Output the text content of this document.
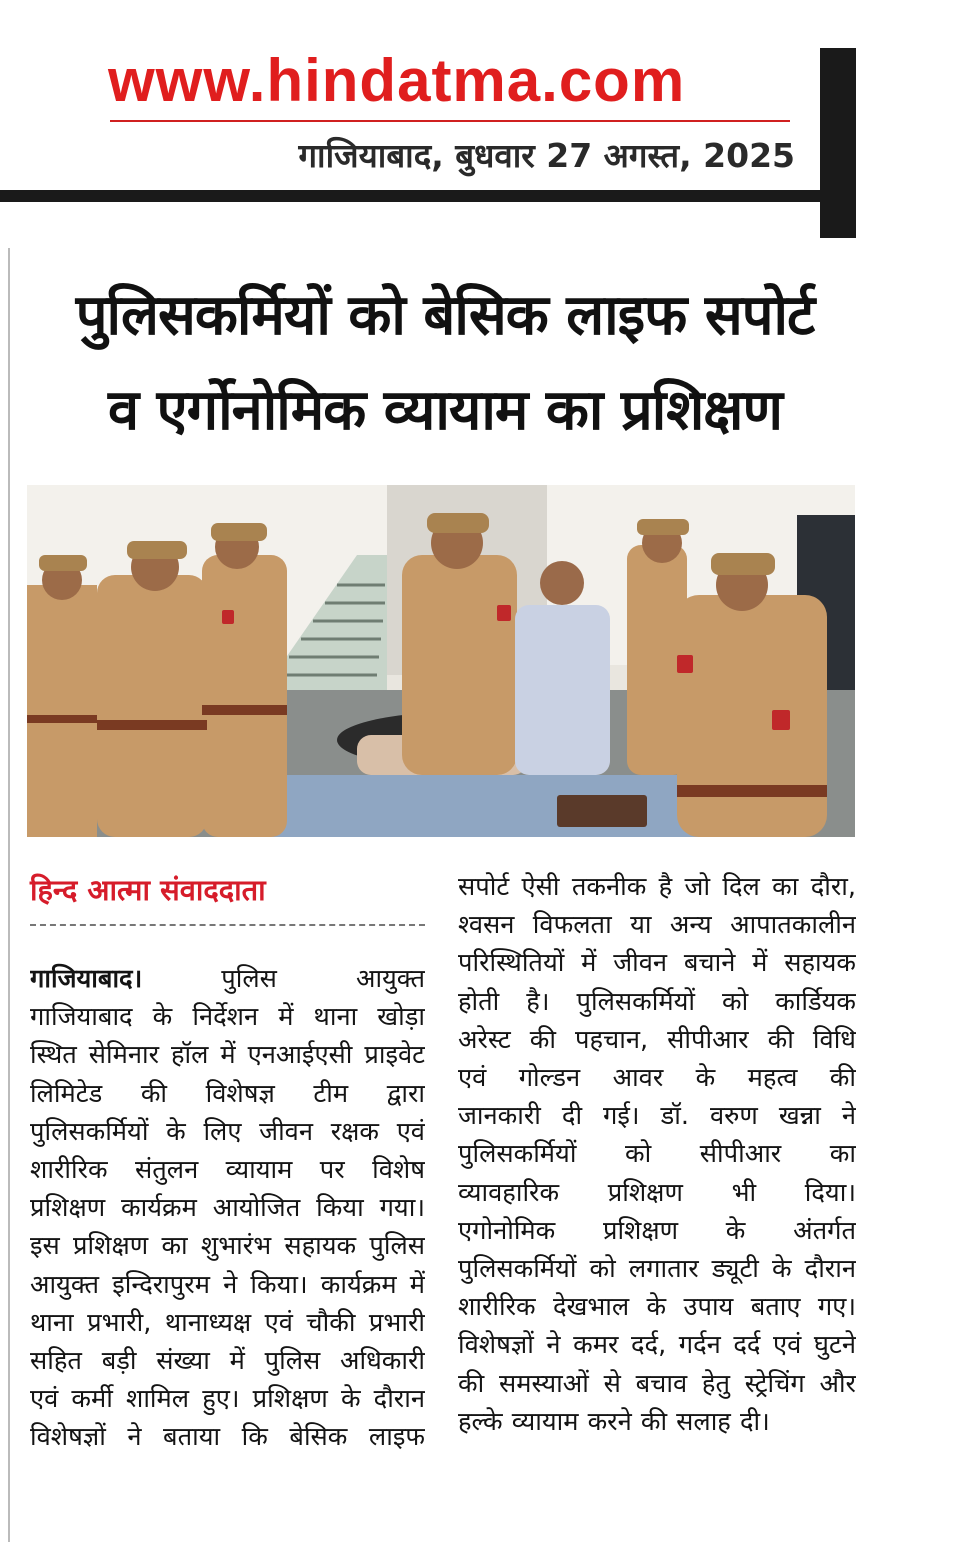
www.hindatma.com
गाजियाबाद, बुधवार 27 अगस्त, 2025
पुलिसकर्मियों को बेसिक लाइफ सपोर्ट
व एर्गोनोमिक व्यायाम का प्रशिक्षण
हिन्द आत्मा संवाददाता
गाजियाबाद।	पुलिस आयुक्त
गाजियाबाद के निर्देशन में थाना खोड़ा
स्थित सेमिनार हॉल में एनआईएसी प्राइवेट
लिमिटेड की विशेषज्ञ टीम द्वारा
पुलिसकर्मियों के लिए जीवन रक्षक एवं
शारीरिक संतुलन व्यायाम पर विशेष
प्रशिक्षण कार्यक्रम आयोजित किया गया।
इस प्रशिक्षण का शुभारंभ सहायक पुलिस
आयुक्त इन्दिरापुरम ने किया। कार्यक्रम में
थाना प्रभारी, थानाध्यक्ष एवं चौकी प्रभारी
सहित बड़ी संख्या में पुलिस अधिकारी
एवं कर्मी शामिल हुए। प्रशिक्षण के दौरान
विशेषज्ञों ने बताया कि बेसिक लाइफ
सपोर्ट ऐसी तकनीक है जो दिल का दौरा,
श्वसन विफलता या अन्य आपातकालीन
परिस्थितियों में जीवन बचाने में सहायक
होती है। पुलिसकर्मियों को कार्डियक
अरेस्ट की पहचान, सीपीआर की विधि
एवं गोल्डन आवर के महत्व की
जानकारी दी गई। डॉ. वरुण खन्ना ने
पुलिसकर्मियों को सीपीआर का
व्यावहारिक प्रशिक्षण भी दिया।
एगोनोमिक प्रशिक्षण के अंतर्गत
पुलिसकर्मियों को लगातार ड्यूटी के दौरान
शारीरिक देखभाल के उपाय बताए गए।
विशेषज्ञों ने कमर दर्द, गर्दन दर्द एवं घुटने
की समस्याओं से बचाव हेतु स्ट्रेचिंग और
हल्के व्यायाम करने की सलाह दी।
